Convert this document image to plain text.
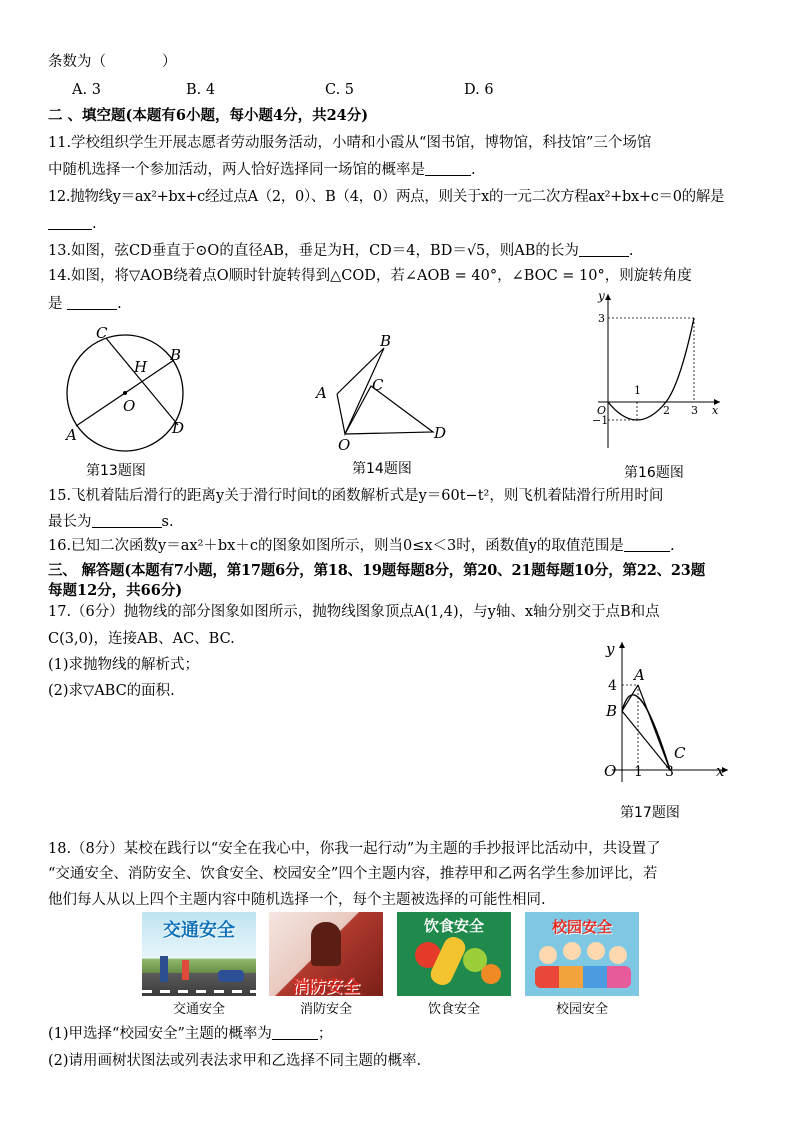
条数为（	）
A. 3	B. 4	C. 5	D. 6
二 、填空题(本题有6小题，每小题4分，共24分)
11.学校组织学生开展志愿者劳动服务活动，小晴和小霞从“图书馆，博物馆，科技馆”三个场馆
中随机选择一个参加活动，两人恰好选择同一场馆的概率是	.
12.抛物线y＝ax²+bx+c经过点A（2，0）、B（4，0）两点，则关于x的一元二次方程ax²+bx+c＝0的解是
.
13.如图，弦CD垂直于⊙O的直径AB，垂足为H，CD＝4，BD＝√5，则AB的长为	.
14.如图，将▽AOB绕着点O顺时针旋转得到△COD，若∠AOB = 40°，∠BOC = 10°，则旋转角度
是	.
C
H
B
O
A	D
第13题图
B
A	C
O
D
第14题图
y
3
1
O	2 3 x
−1
第16题图
15.飞机着陆后滑行的距离y关于滑行时间t的函数解析式是y＝60t−t²，则飞机着陆滑行所用时间
最长为	s.
16.已知二次函数y＝ax²＋bx＋c的图象如图所示，则当0≤x＜3时，函数值y的取值范围是	.
三、 解答题(本题有7小题，第17题6分，第18、19题每题8分，第20、21题每题10分，第22、23题
每题12分，共66分)
17.（6分）抛物线的部分图象如图所示，抛物线图象顶点A(1,4)，与y轴、x轴分别交于点B和点
C(3,0)，连接AB、AC、BC.
(1)求抛物线的解析式；
(2)求▽ABC的面积.
y
A
4
B
C
O 1 3	x
第17题图
18.（8分）某校在践行以“安全在我心中，你我一起行动”为主题的手抄报评比活动中，共设置了
“交通安全、消防安全、饮食安全、校园安全”四个主题内容，推荐甲和乙两名学生参加评比，若
他们每人从以上四个主题内容中随机选择一个，每个主题被选择的可能性相同.
交通安全
消防安全
饮食安全	校园安全
交通安全	消防安全	饮食安全	校园安全
(1)甲选择“校园安全”主题的概率为	；
(2)请用画树状图法或列表法求甲和乙选择不同主题的概率.
